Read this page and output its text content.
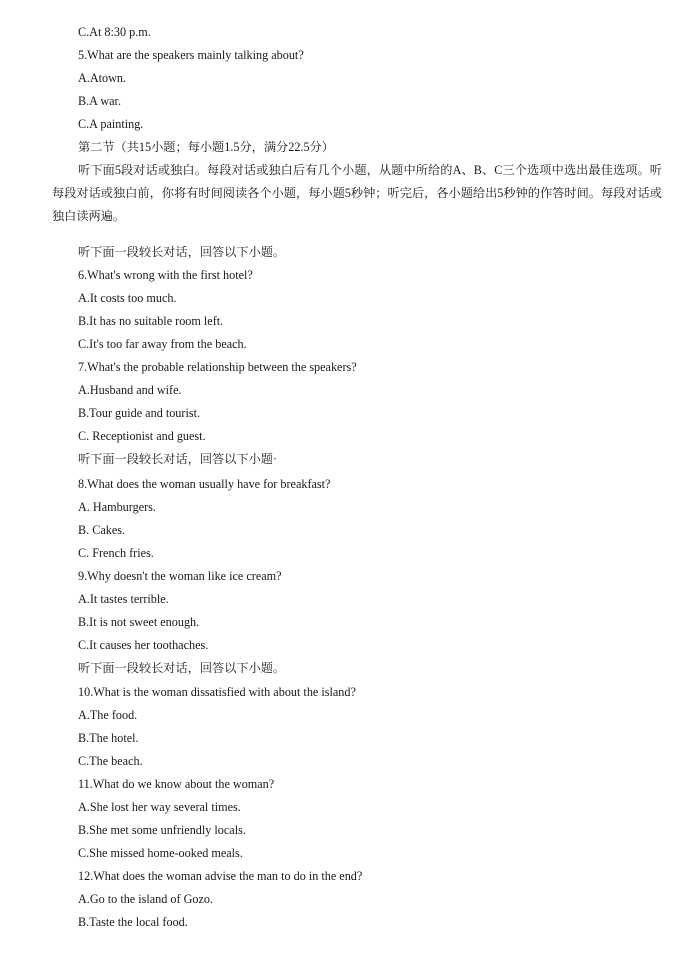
C.At 8:30 p.m.
5.What are the speakers mainly talking about?
A.Atown.
B.A war.
C.A painting.
第二节（共15小题；每小题1.5分，满分22.5分）
听下面5段对话或独白。每段对话或独白后有几个小题，从题中所给的A、B、C三个选项中选出最佳选项。听每段对话或独白前，你将有时间阅读各个小题，每小题5秒钟；听完后，各小题给出5秒钟的作答时间。每段对话或独白读两遍。
听下面一段较长对话，回答以下小题。
6.What's wrong with the first hotel?
A.It costs too much.
B.It has no suitable room left.
C.It's too far away from the beach.
7.What's the probable relationship between the speakers?
A.Husband and wife.
B.Tour guide and tourist.
C. Receptionist and guest.
听下面一段较长对话，回答以下小题·
8.What does the woman usually have for breakfast?
A. Hamburgers.
B. Cakes.
C. French fries.
9.Why doesn't the woman like ice cream?
A.It tastes terrible.
B.It is not sweet enough.
C.It causes her toothaches.
听下面一段较长对话，回答以下小题。
10.What is the woman dissatisfied with about the island?
A.The food.
B.The hotel.
C.The beach.
11.What do we know about the woman?
A.She lost her way several times.
B.She met some unfriendly locals.
C.She missed home-ooked meals.
12.What does the woman advise the man to do in the end?
A.Go to the island of Gozo.
B.Taste the local food.
